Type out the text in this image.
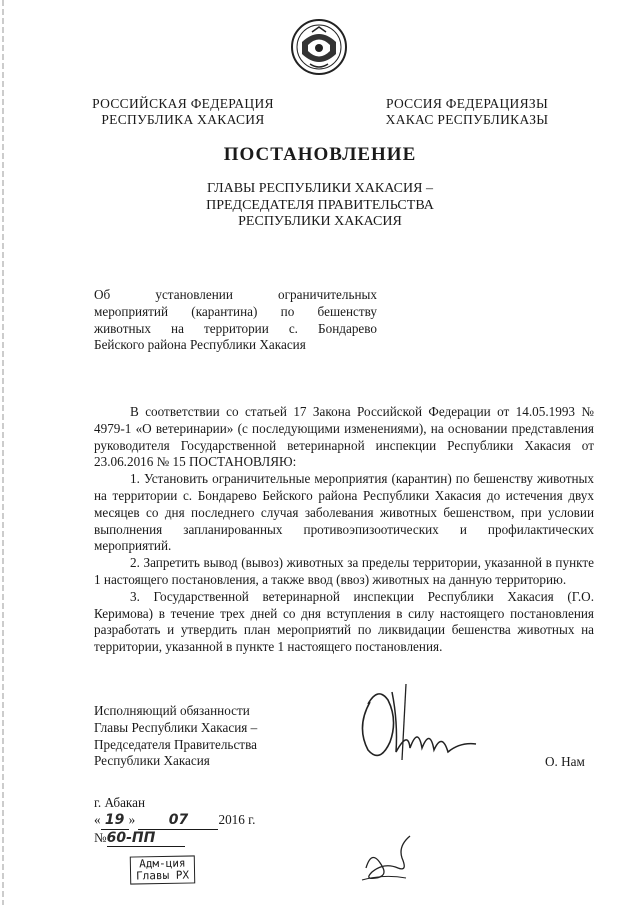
РОССИЙСКАЯ ФЕДЕРАЦИЯ
РЕСПУБЛИКА ХАКАСИЯ
РОССИЯ ФЕДЕРАЦИЯЗЫ
ХАКАС РЕСПУБЛИКАЗЫ
ПОСТАНОВЛЕНИЕ
ГЛАВЫ РЕСПУБЛИКИ ХАКАСИЯ –
ПРЕДСЕДАТЕЛЯ ПРАВИТЕЛЬСТВА
РЕСПУБЛИКИ ХАКАСИЯ
Об установлении ограничительных
мероприятий (карантина) по бешенству
животных на территории с. Бондарево
Бейского района Республики Хакасия

В соответствии со статьей 17 Закона Российской Федерации от 14.05.1993 № 4979-1 «О ветеринарии» (с последующими изменениями), на основании представления руководителя Государственной ветеринарной инспекции Республики Хакасия от 23.06.2016 № 15 ПОСТАНОВЛЯЮ:

1. Установить ограничительные мероприятия (карантин) по бешенству животных на территории с. Бондарево Бейского района Республики Хакасия до истечения двух месяцев со дня последнего случая заболевания животных бешенством, при условии выполнения запланированных противоэпизоотических и профилактических мероприятий.

2. Запретить вывод (вывоз) животных за пределы территории, указанной в пункте 1 настоящего постановления, а также ввод (ввоз) животных на данную территорию.

3. Государственной ветеринарной инспекции Республики Хакасия (Г.О. Керимова) в течение трех дней со дня вступления в силу настоящего постановления разработать и утвердить план мероприятий по ликвидации бешенства животных на территории, указанной в пункте 1 настоящего постановления.

Исполняющий обязанности
Главы Республики Хакасия –
Председателя Правительства
Республики Хакасия	О. Нам
г. Абакан
« 19 » 07 2016 г.
№60-ПП
Адм-ция
Главы РХ
